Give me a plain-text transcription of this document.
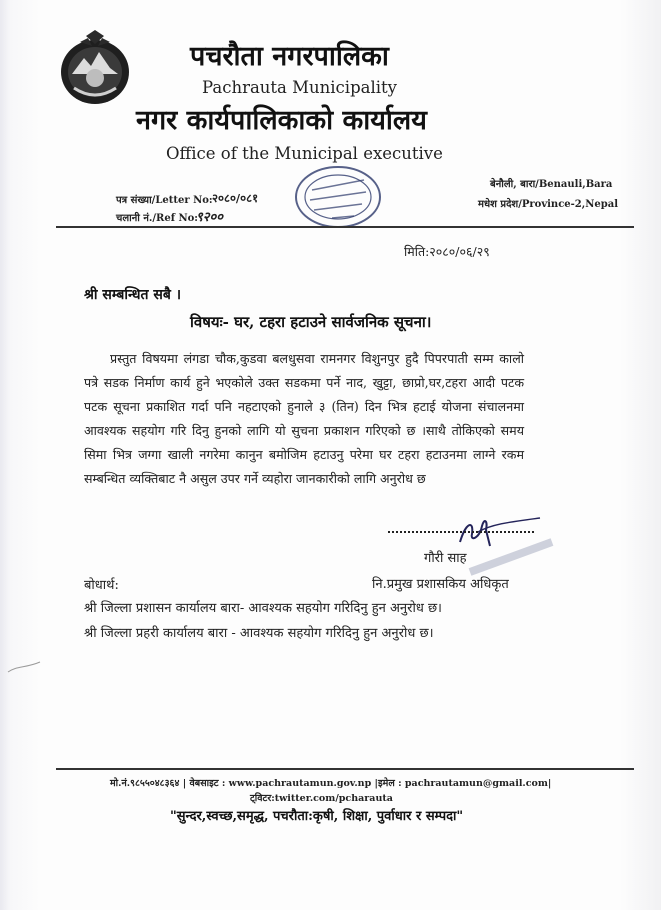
पचरौता नगरपालिका
Pachrauta Municipality
नगर कार्यपालिकाको कार्यालय
Office of the Municipal executive
पत्र संख्या/Letter No: २०८०/०८१
चलानी नं./Ref No:
९२००
बेनौली, बारा/Benauli,Bara
मधेश प्रदेश/Province-2,Nepal
मिति:२०८०/०६/२९
श्री सम्बन्धित सबै ।
विषयः- घर, टहरा हटाउने सार्वजनिक सूचना।

प्रस्तुत विषयमा लंगडा चौक,कुडवा बलधुसवा रामनगर विशुनपुर हुदै पिपरपाती सम्म कालो पत्रे सडक निर्माण कार्य हुने भएकोले उक्त सडकमा पर्ने नाद, खुट्टा, छाप्रो,घर,टहरा आदी पटक पटक सूचना प्रकाशित गर्दा पनि नहटाएको हुनाले ३ (तिन) दिन भित्र हटाई योजना संचालनमा आवश्यक सहयोग गरि दिनु हुनको लागि यो सुचना प्रकाशन गरिएको छ ।साथै तोकिएको समय सिमा भित्र जग्गा खाली नगरेमा कानुन बमोजिम हटाउनु परेमा घर टहरा हटाउनमा लाग्ने रकम सम्बन्धित व्यक्तिबाट नै असुल उपर गर्ने व्यहोरा जानकारीको लागि अनुरोध छ

गौरी साह
नि.प्रमुख प्रशासकिय अधिकृत
बोधार्थ:
श्री जिल्ला प्रशासन कार्यालय बारा- आवश्यक सहयोग गरिदिनु हुन अनुरोध छ।
श्री जिल्ला प्रहरी कार्यालय बारा - आवश्यक सहयोग गरिदिनु हुन अनुरोध छ।
मो.नं.९८५५०४८३६४ | वेबसाइट : www.pachrautamun.gov.np |इमेल : pachrautamun@gmail.com|
ट्विटर:twitter.com/pcharauta
"सुन्दर,स्वच्छ,समृद्ध, पचरौता:कृषी, शिक्षा, पुर्वाधार र सम्पदा"
